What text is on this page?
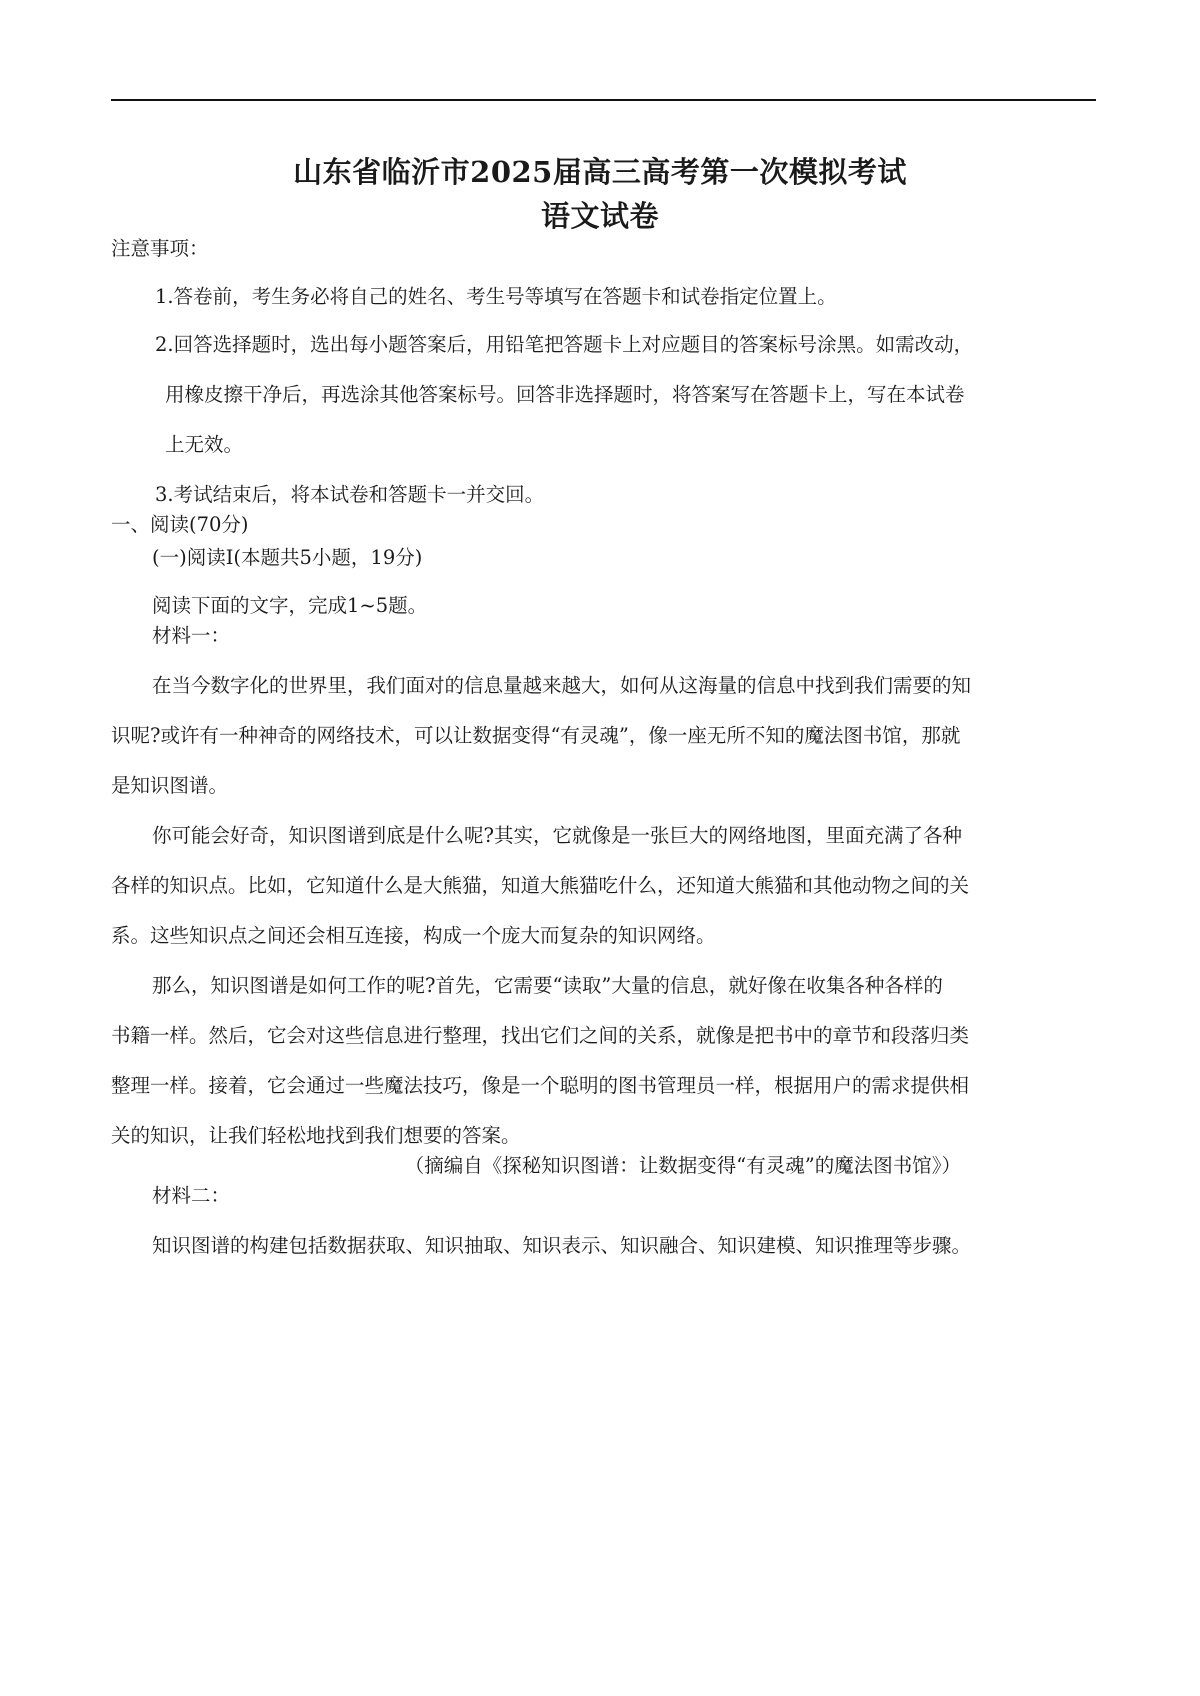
山东省临沂市2025届高三高考第一次模拟考试
语文试卷
注意事项：
1.答卷前，考生务必将自己的姓名、考生号等填写在答题卡和试卷指定位置上。
2.回答选择题时，选出每小题答案后，用铅笔把答题卡上对应题目的答案标号涂黑。如需改动，
用橡皮擦干净后，再选涂其他答案标号。回答非选择题时，将答案写在答题卡上，写在本试卷
上无效。
3.考试结束后，将本试卷和答题卡一并交回。
一、阅读(70分)
(一)阅读Ⅰ(本题共5小题，19分)
阅读下面的文字，完成1~5题。
材料一：
在当今数字化的世界里，我们面对的信息量越来越大，如何从这海量的信息中找到我们需要的知
识呢?或许有一种神奇的网络技术，可以让数据变得“有灵魂”，像一座无所不知的魔法图书馆，那就
是知识图谱。
你可能会好奇，知识图谱到底是什么呢?其实，它就像是一张巨大的网络地图，里面充满了各种
各样的知识点。比如，它知道什么是大熊猫，知道大熊猫吃什么，还知道大熊猫和其他动物之间的关
系。这些知识点之间还会相互连接，构成一个庞大而复杂的知识网络。
那么，知识图谱是如何工作的呢?首先，它需要“读取”大量的信息，就好像在收集各种各样的
书籍一样。然后，它会对这些信息进行整理，找出它们之间的关系，就像是把书中的章节和段落归类
整理一样。接着，它会通过一些魔法技巧，像是一个聪明的图书管理员一样，根据用户的需求提供相
关的知识，让我们轻松地找到我们想要的答案。
（摘编自《探秘知识图谱：让数据变得“有灵魂”的魔法图书馆》）
材料二：
知识图谱的构建包括数据获取、知识抽取、知识表示、知识融合、知识建模、知识推理等步骤。
